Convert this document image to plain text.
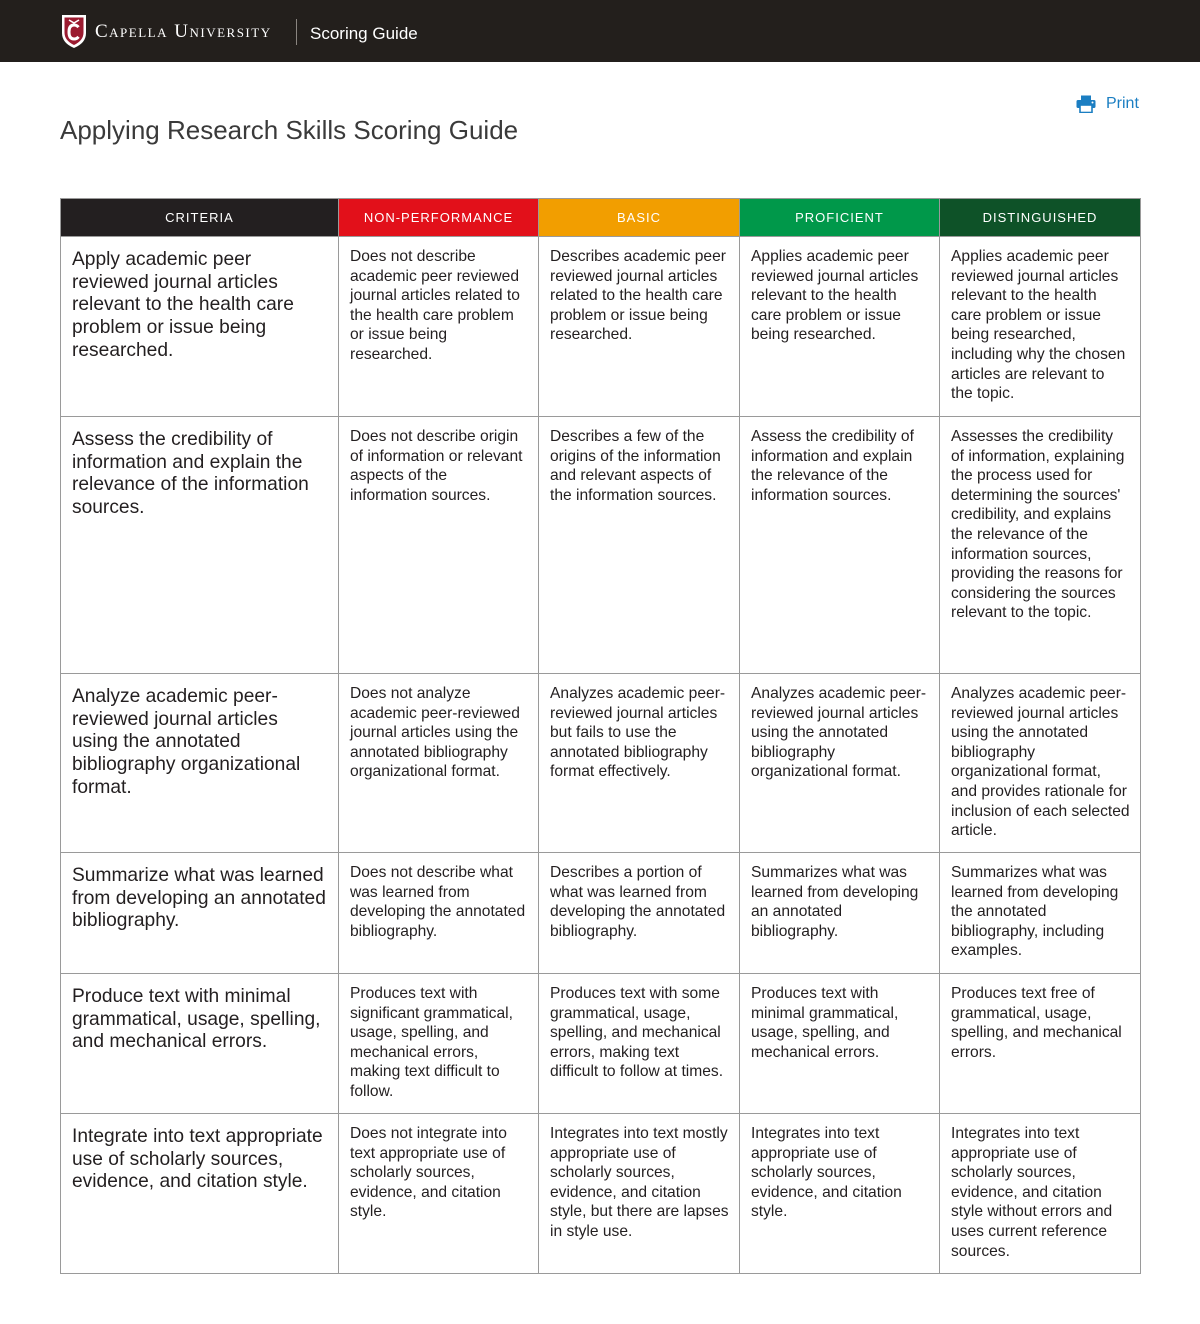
Capella University Scoring Guide
Print
Applying Research Skills Scoring Guide
CRITERIA	NON-PERFORMANCE	BASIC	PROFICIENT	DISTINGUISHED
Apply academic peer reviewed journal articles relevant to the health care problem or issue being researched.	Does not describe academic peer reviewed journal articles related to the health care problem or issue being researched.	Describes academic peer reviewed journal articles related to the health care problem or issue being researched.	Applies academic peer reviewed journal articles relevant to the health care problem or issue being researched.	Applies academic peer reviewed journal articles relevant to the health care problem or issue being researched, including why the chosen articles are relevant to the topic.
Assess the credibility of information and explain the relevance of the information sources.	Does not describe origin of information or relevant aspects of the information sources.	Describes a few of the origins of the information and relevant aspects of the information sources.	Assess the credibility of information and explain the relevance of the information sources.	Assesses the credibility of information, explaining the process used for determining the sources' credibility, and explains the relevance of the information sources, providing the reasons for considering the sources relevant to the topic.
Analyze academic peer-reviewed journal articles using the annotated bibliography organizational format.	Does not analyze academic peer-reviewed journal articles using the annotated bibliography organizational format.	Analyzes academic peer-reviewed journal articles but fails to use the annotated bibliography format effectively.	Analyzes academic peer-reviewed journal articles using the annotated bibliography organizational format.	Analyzes academic peer-reviewed journal articles using the annotated bibliography organizational format, and provides rationale for inclusion of each selected article.
Summarize what was learned from developing an annotated bibliography.	Does not describe what was learned from developing the annotated bibliography.	Describes a portion of what was learned from developing the annotated bibliography.	Summarizes what was learned from developing an annotated bibliography.	Summarizes what was learned from developing the annotated bibliography, including examples.
Produce text with minimal grammatical, usage, spelling, and mechanical errors.	Produces text with significant grammatical, usage, spelling, and mechanical errors, making text difficult to follow.	Produces text with some grammatical, usage, spelling, and mechanical errors, making text difficult to follow at times.	Produces text with minimal grammatical, usage, spelling, and mechanical errors.	Produces text free of grammatical, usage, spelling, and mechanical errors.
Integrate into text appropriate use of scholarly sources, evidence, and citation style.	Does not integrate into text appropriate use of scholarly sources, evidence, and citation style.	Integrates into text mostly appropriate use of scholarly sources, evidence, and citation style, but there are lapses in style use.	Integrates into text appropriate use of scholarly sources, evidence, and citation style.	Integrates into text appropriate use of scholarly sources, evidence, and citation style without errors and uses current reference sources.
